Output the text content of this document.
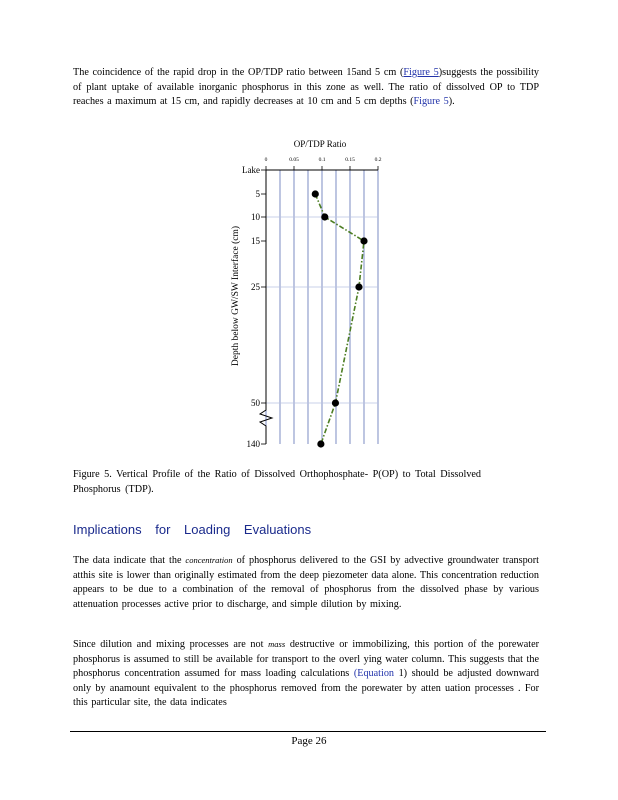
The coincidence of the rapid drop in the OP/TDP ratio between 15and 5 cm (Figure 5)suggests the possibility of plant uptake of available inorganic phosphorus in this zone as well. The ratio of dissolved OP to TDP reaches a maximum at 15 cm, and rapidly decreases at 10 cm and 5 cm depths (Figure 5).
OP/TDP Ratio
0	0.05	0.1	0.15	0.2
Lake
5
10
15
25
50
140
Depth below GW/SW Interface (cm)
Figure 5. Vertical Profile of the Ratio of Dissolved Orthophosphate- P(OP) to Total Dissolved Phosphorus (TDP).
Implications for Loading Evaluations
The data indicate that the concentration of phosphorus delivered to the GSI by advective groundwater transport atthis site is lower than originally estimated from the deep piezometer data alone. This concentration reduction appears to be due to a combination of the removal of phosphorus from the dissolved phase by various attenuation processes active prior to discharge, and simple dilution by mixing.
Since dilution and mixing processes are not mass destructive or immobilizing, this portion of the porewater phosphorus is assumed to still be available for transport to the overl ying water column. This suggests that the phosphorus concentration assumed for mass loading calculations (Equation 1) should be adjusted downward only by anamount equivalent to the phosphorus removed from the porewater by atten uation processes . For this particular site, the data indicates
Page 26
